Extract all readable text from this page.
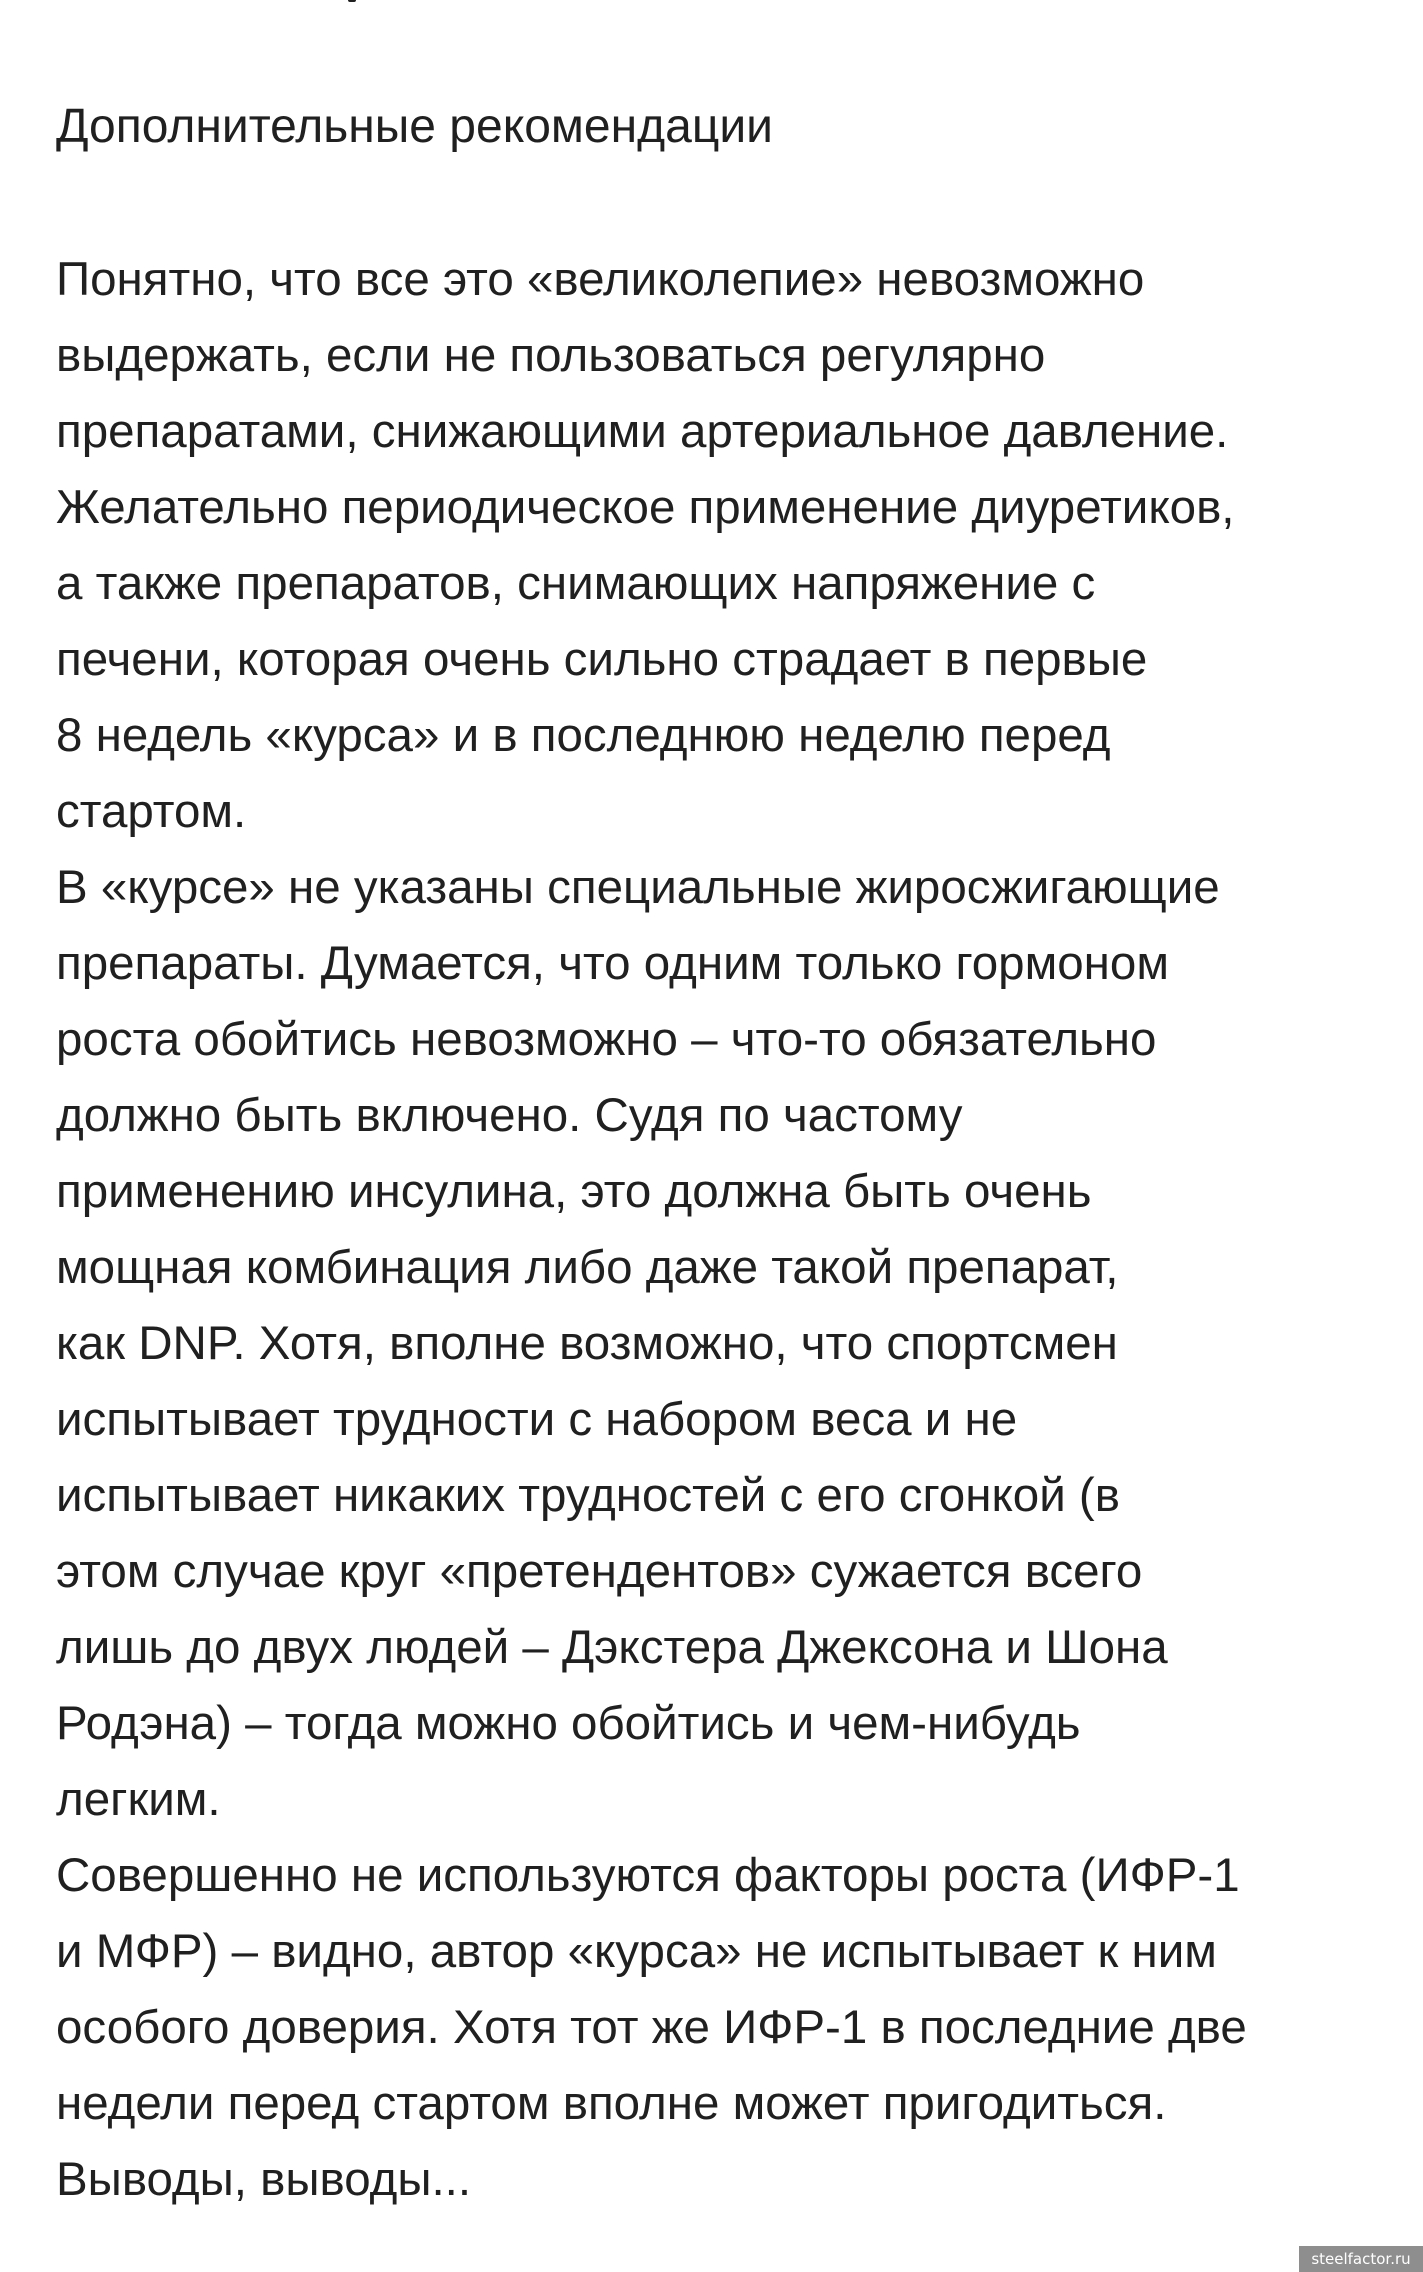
Дополнительные рекомендации

Понятно, что все это «великолепие» невозможно
выдержать, если не пользоваться регулярно
препаратами, снижающими артериальное давление.
Желательно периодическое применение диуретиков,
а также препаратов, снимающих напряжение с
печени, которая очень сильно страдает в первые
8 недель «курса» и в последнюю неделю перед
стартом.
В «курсе» не указаны специальные жиросжигающие
препараты. Думается, что одним только гормоном
роста обойтись невозможно – что-то обязательно
должно быть включено. Судя по частому
применению инсулина, это должна быть очень
мощная комбинация либо даже такой препарат,
как DNP. Хотя, вполне возможно, что спортсмен
испытывает трудности с набором веса и не
испытывает никаких трудностей с его сгонкой (в
этом случае круг «претендентов» сужается всего
лишь до двух людей – Дэкстера Джексона и Шона
Родэна) – тогда можно обойтись и чем-нибудь
легким.
Совершенно не используются факторы роста (ИФР-1
и МФР) – видно, автор «курса» не испытывает к ним
особого доверия. Хотя тот же ИФР-1 в последние две
недели перед стартом вполне может пригодиться.
Выводы, выводы...

steelfactor.ru
